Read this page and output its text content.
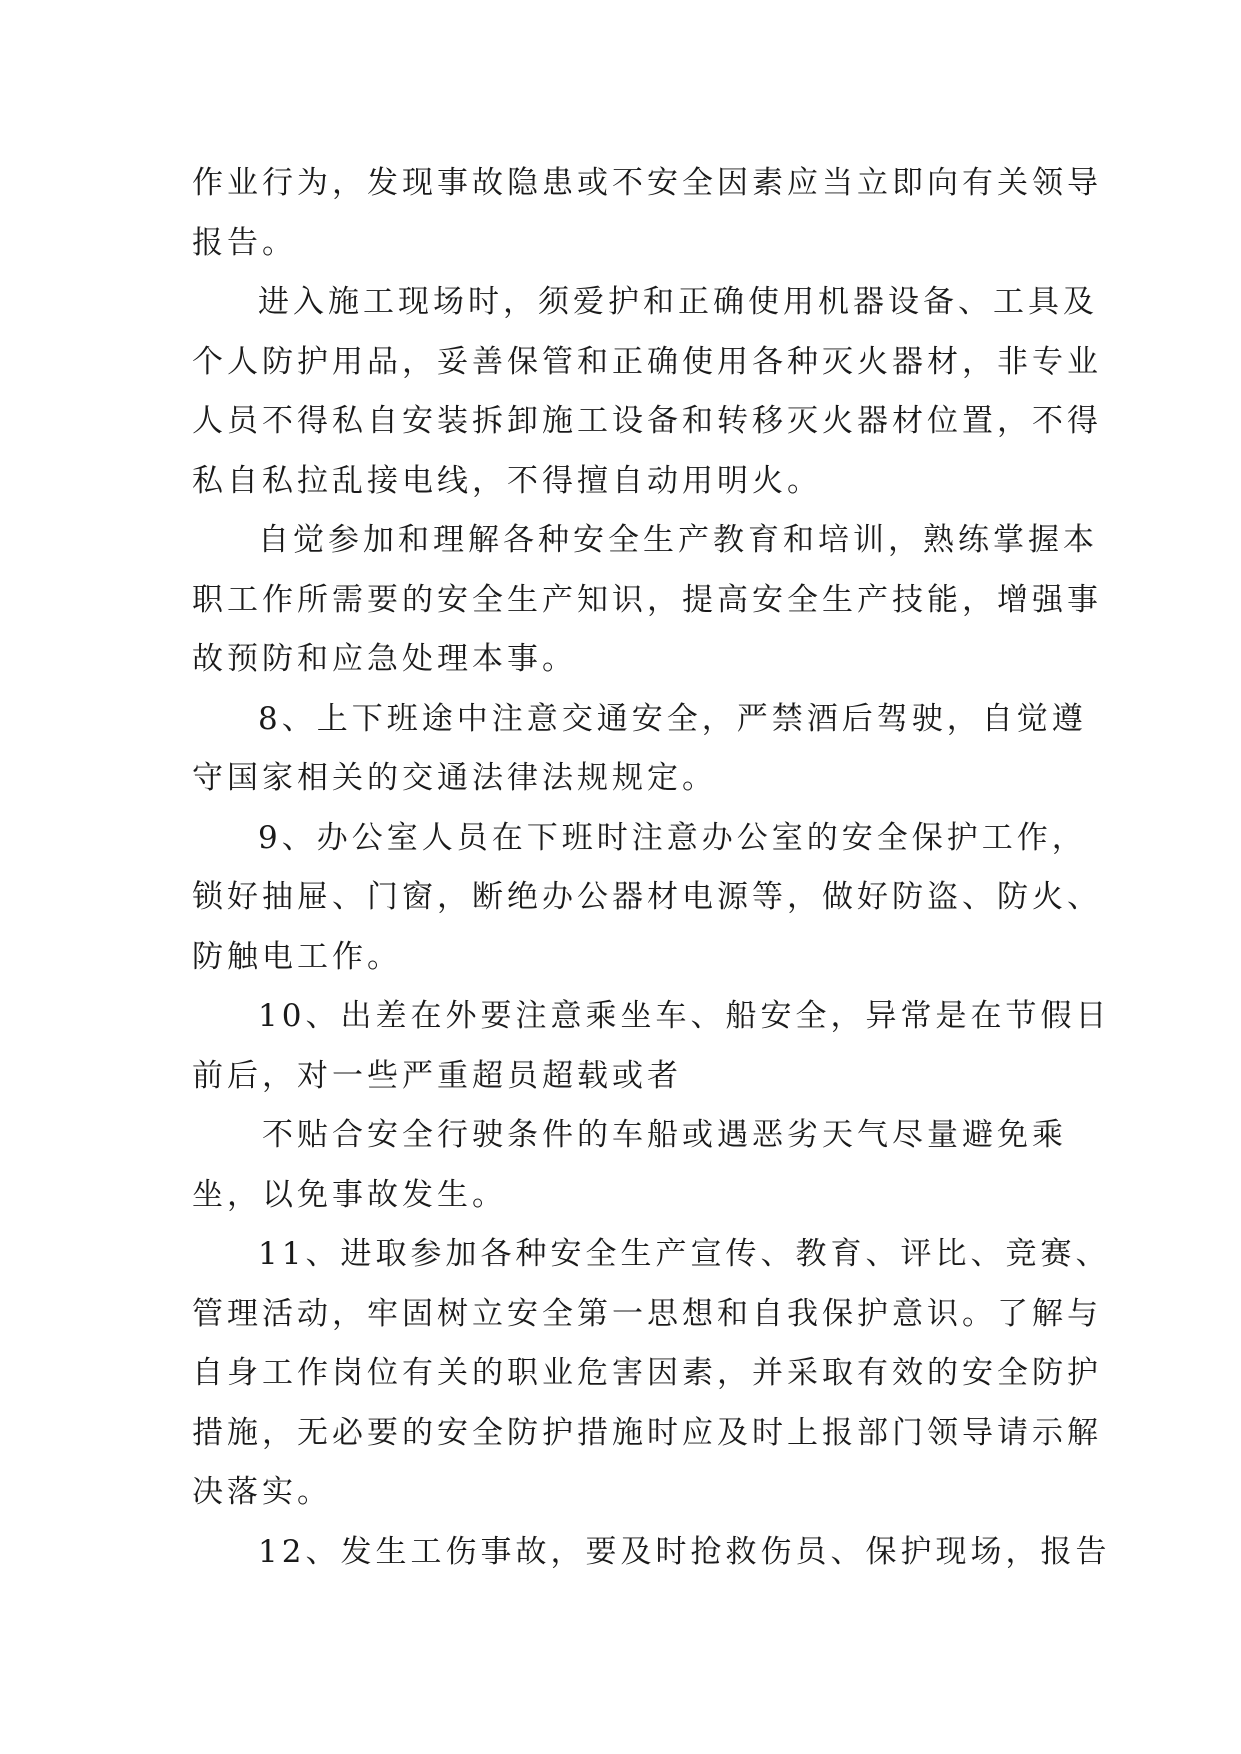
作业行为，发现事故隐患或不安全因素应当立即向有关领导
报告。
进入施工现场时，须爱护和正确使用机器设备、工具及
个人防护用品，妥善保管和正确使用各种灭火器材，非专业
人员不得私自安装拆卸施工设备和转移灭火器材位置，不得
私自私拉乱接电线，不得擅自动用明火。
自觉参加和理解各种安全生产教育和培训，熟练掌握本
职工作所需要的安全生产知识，提高安全生产技能，增强事
故预防和应急处理本事。
8、上下班途中注意交通安全，严禁酒后驾驶，自觉遵
守国家相关的交通法律法规规定。
9、办公室人员在下班时注意办公室的安全保护工作，
锁好抽屉、门窗，断绝办公器材电源等，做好防盗、防火、
防触电工作。
10、出差在外要注意乘坐车、船安全，异常是在节假日
前后，对一些严重超员超载或者
不贴合安全行驶条件的车船或遇恶劣天气尽量避免乘
坐，以免事故发生。
11、进取参加各种安全生产宣传、教育、评比、竞赛、
管理活动，牢固树立安全第一思想和自我保护意识。了解与
自身工作岗位有关的职业危害因素，并采取有效的安全防护
措施，无必要的安全防护措施时应及时上报部门领导请示解
决落实。
12、发生工伤事故，要及时抢救伤员、保护现场，报告
